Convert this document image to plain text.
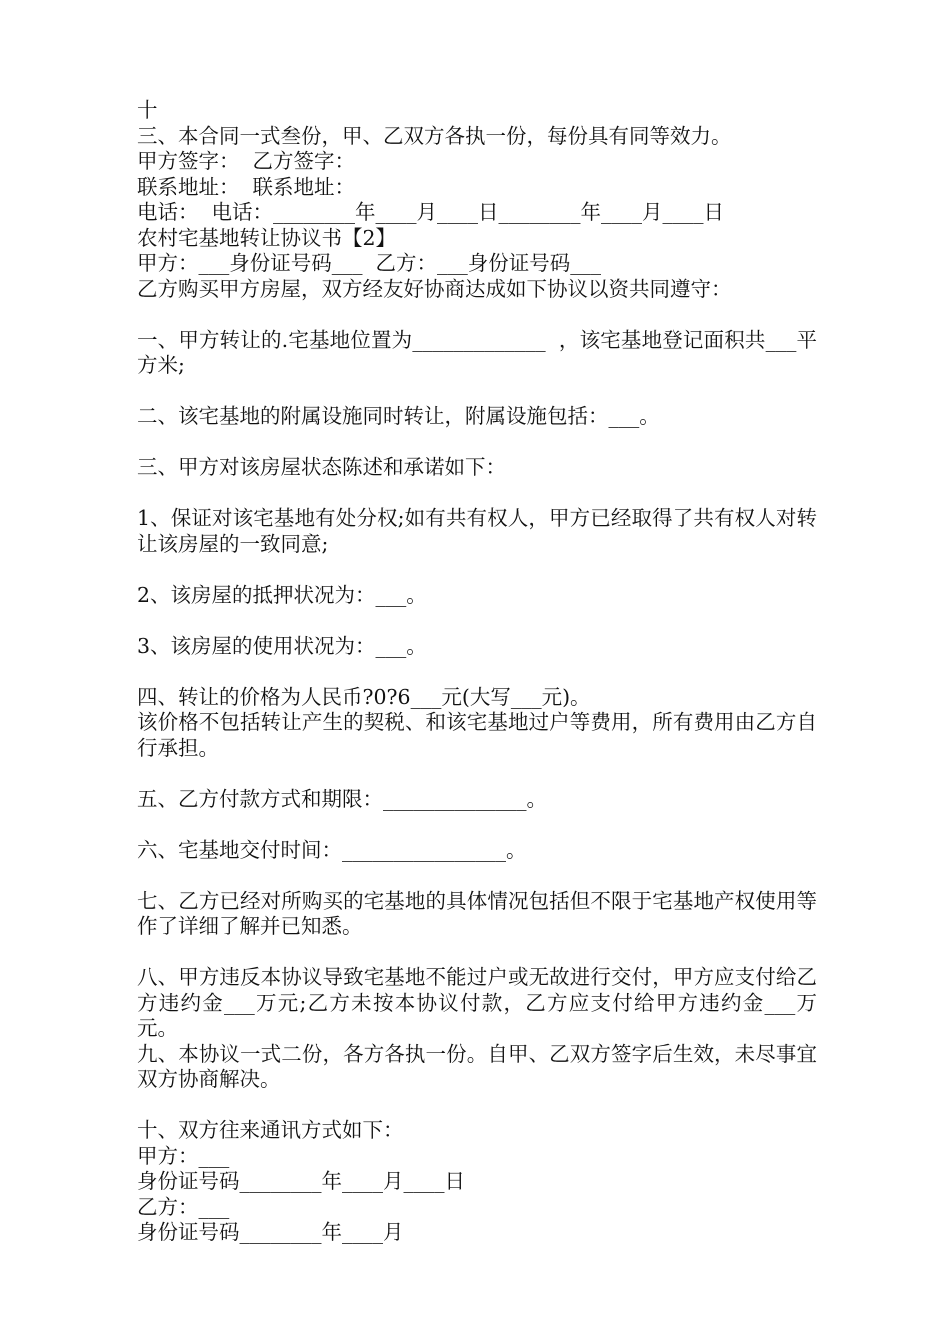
十
三、本合同一式叁份，甲、乙双方各执一份，每份具有同等效力。
甲方签字：  乙方签字：
联系地址：  联系地址：
电话：  电话：________年____月____日________年____月____日
农村宅基地转让协议书【2】
甲方：___身份证号码___  乙方：___身份证号码___
乙方购买甲方房屋，双方经友好协商达成如下协议以资共同遵守：
一、甲方转让的.宅基地位置为_____________  ，该宅基地登记面积共___平方米;
二、该宅基地的附属设施同时转让，附属设施包括：___。
三、甲方对该房屋状态陈述和承诺如下：
1、保证对该宅基地有处分权;如有共有权人，甲方已经取得了共有权人对转让该房屋的一致同意;
2、该房屋的抵押状况为：___。
3、该房屋的使用状况为：___。
四、转让的价格为人民币?0?6___元(大写___元)。
该价格不包括转让产生的契税、和该宅基地过户等费用，所有费用由乙方自行承担。
五、乙方付款方式和期限：______________。
六、宅基地交付时间：________________。
七、乙方已经对所购买的宅基地的具体情况包括但不限于宅基地产权使用等作了详细了解并已知悉。
八、甲方违反本协议导致宅基地不能过户或无故进行交付，甲方应支付给乙方违约金___万元;乙方未按本协议付款，乙方应支付给甲方违约金___万元。
九、本协议一式二份，各方各执一份。自甲、乙双方签字后生效，未尽事宜双方协商解决。
十、双方往来通讯方式如下：
甲方：___
身份证号码________年____月____日
乙方：___
身份证号码________年____月
